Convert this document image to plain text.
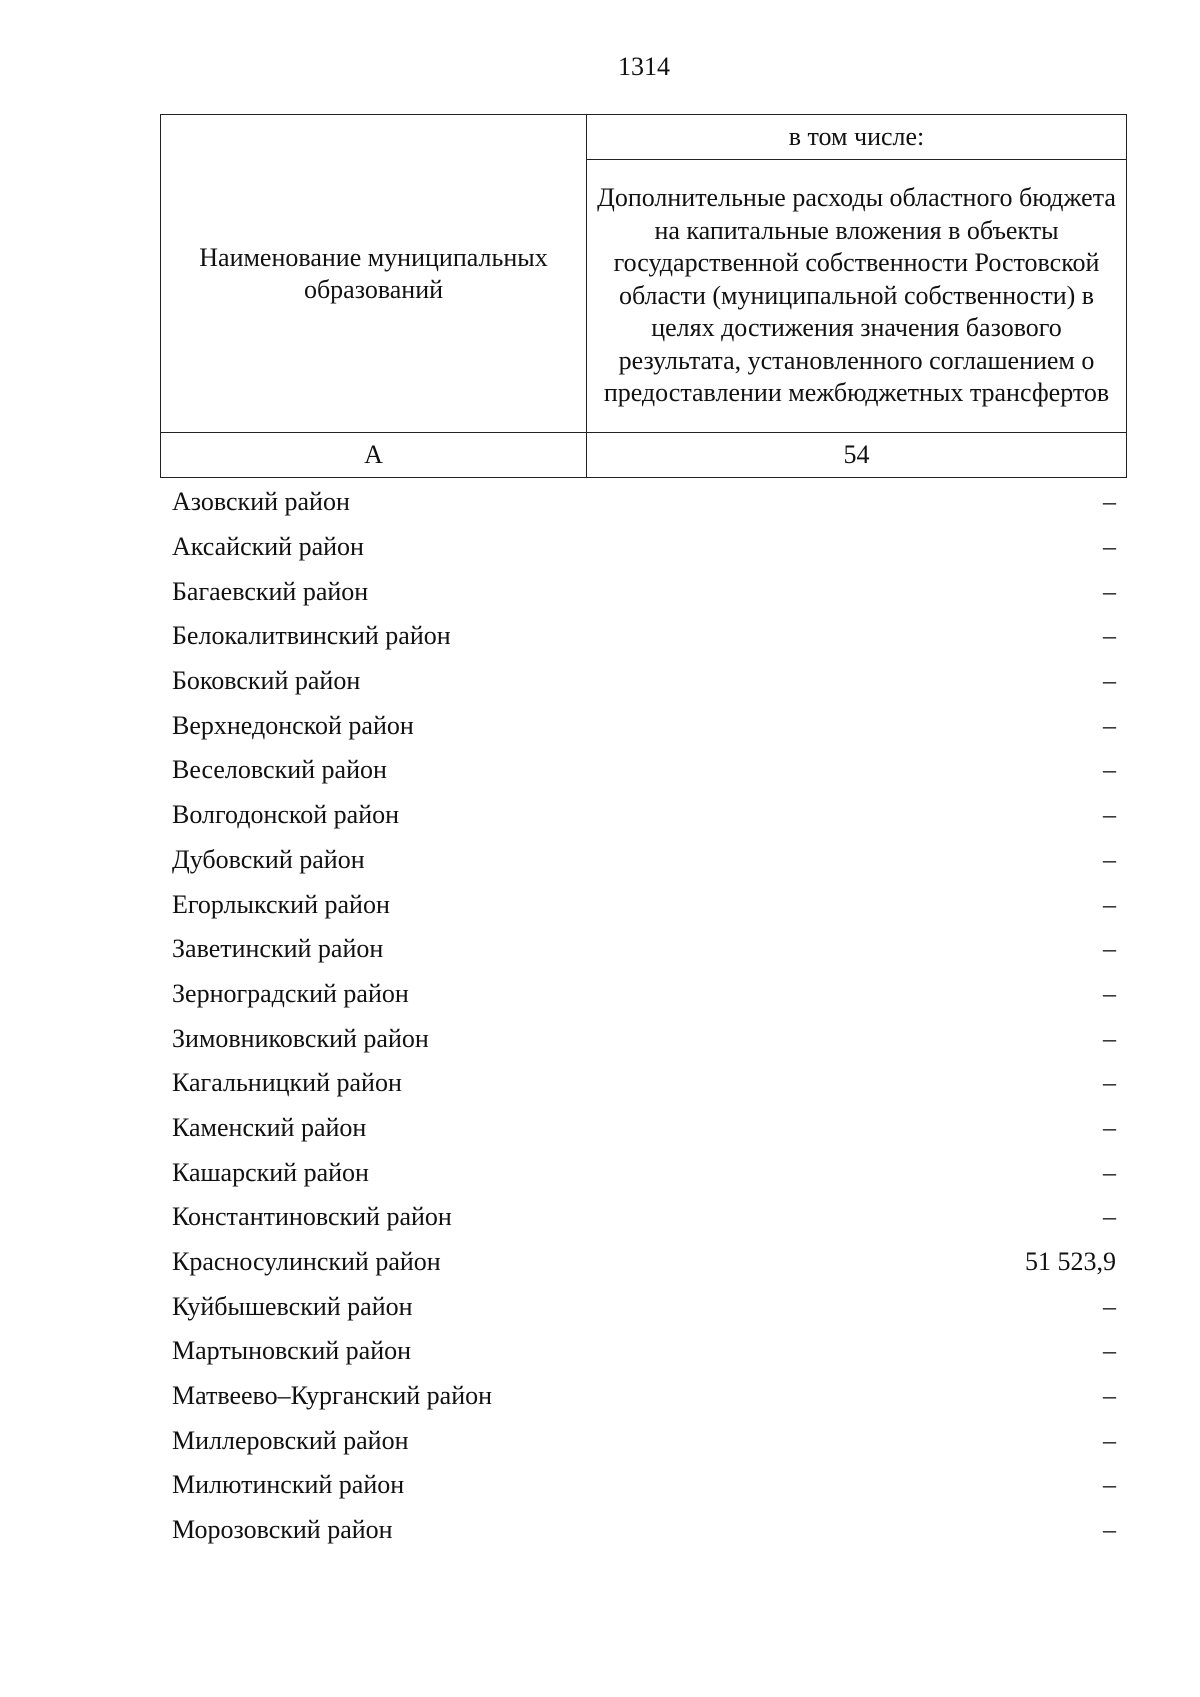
1314
Наименование муниципальных образований	в том числе:
	Дополнительные расходы областного бюджета на капитальные вложения в объекты государственной собственности Ростовской области (муниципальной собственности) в целях достижения значения базового результата, установленного соглашением о предоставлении межбюджетных трансфертов
А	54
Азовский район	–
Аксайский район	–
Багаевский район	–
Белокалитвинский район	–
Боковский район	–
Верхнедонской район	–
Веселовский район	–
Волгодонской район	–
Дубовский район	–
Егорлыкский район	–
Заветинский район	–
Зерноградский район	–
Зимовниковский район	–
Кагальницкий район	–
Каменский район	–
Кашарский район	–
Константиновский район	–
Красносулинский район	51 523,9
Куйбышевский район	–
Мартыновский район	–
Матвеево–Курганский район	–
Миллеровский район	–
Милютинский район	–
Морозовский район	–
